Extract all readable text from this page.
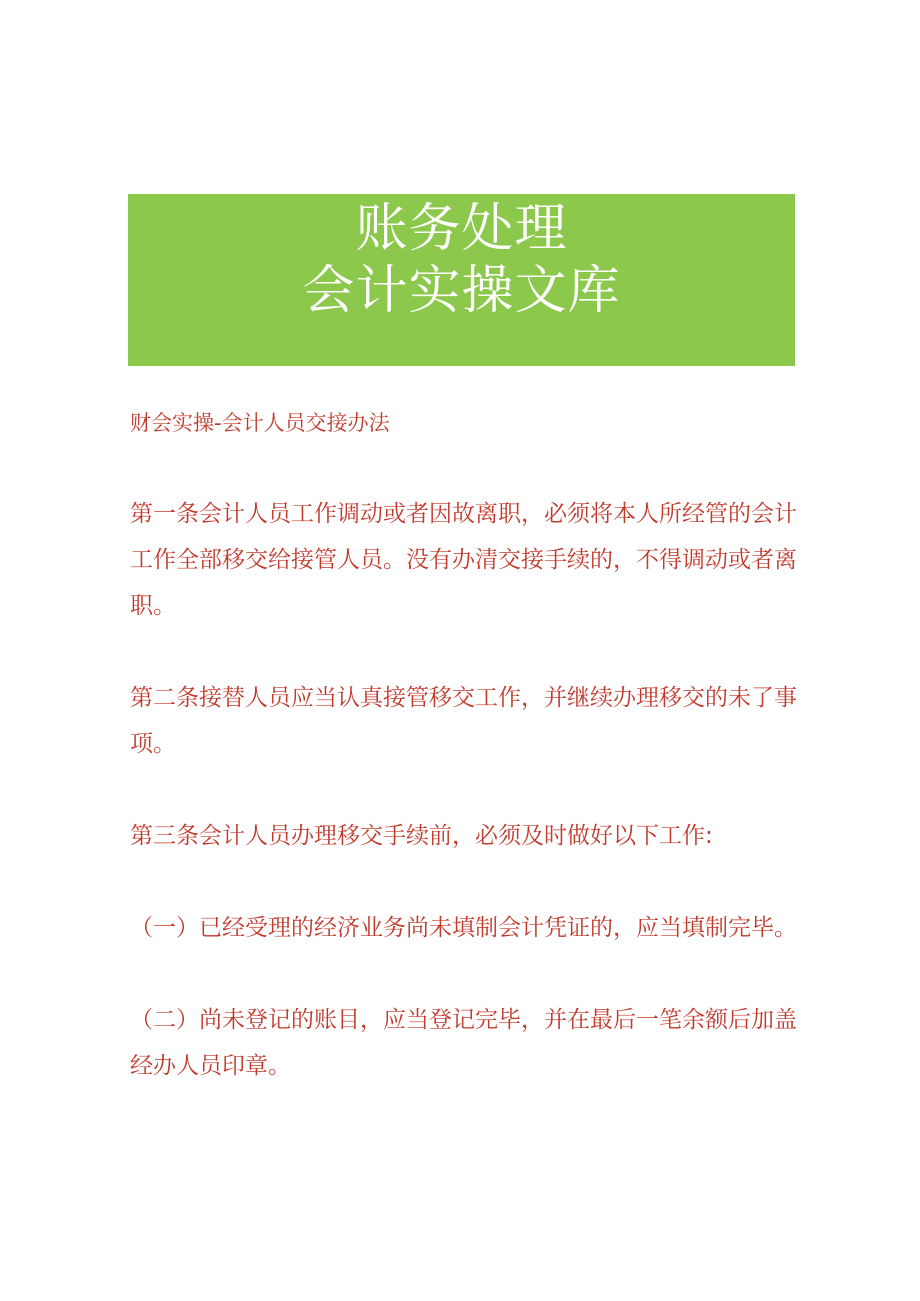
账务处理
会计实操文库

财会实操-会计人员交接办法

第一条会计人员工作调动或者因故离职，必须将本人所经管的会计工作全部移交给接管人员。没有办清交接手续的，不得调动或者离职。

第二条接替人员应当认真接管移交工作，并继续办理移交的未了事项。

第三条会计人员办理移交手续前，必须及时做好以下工作:

（一）已经受理的经济业务尚未填制会计凭证的，应当填制完毕。

（二）尚未登记的账目，应当登记完毕，并在最后一笔余额后加盖经办人员印章。
